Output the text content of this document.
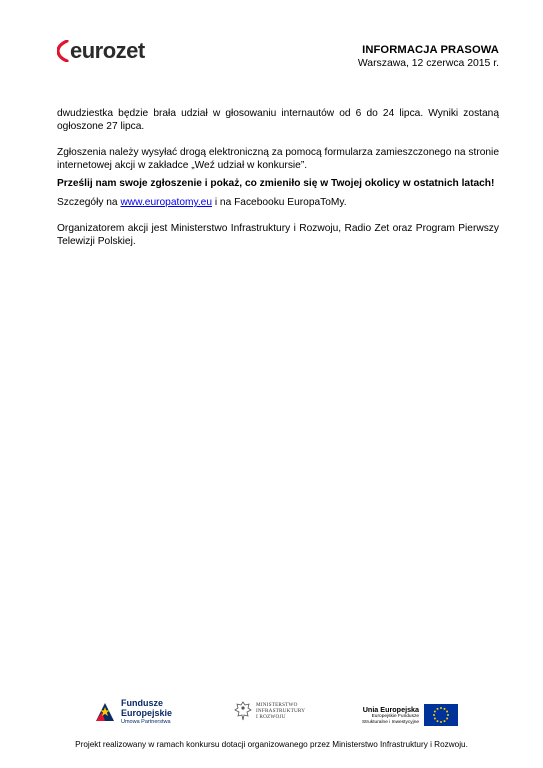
eurozet	INFORMACJA PRASOWA
Warszawa, 12 czerwca 2015 r.

dwudziestka będzie brała udział w głosowaniu internautów od 6 do 24 lipca. Wyniki zostaną ogłoszone 27 lipca.

Zgłoszenia należy wysyłać drogą elektroniczną za pomocą formularza zamieszczonego na stronie internetowej akcji w zakładce „Weź udział w konkursie”.

Prześlij nam swoje zgłoszenie i pokaż, co zmieniło się w Twojej okolicy w ostatnich latach!

Szczegóły na www.europatomy.eu i na Facebooku EuropaToMy.

Organizatorem akcji jest Ministerstwo Infrastruktury i Rozwoju, Radio Zet oraz Program Pierwszy Telewizji Polskiej.

Fundusze
Europejskie
Umowa Partnerstwa
MINISTERSTWO
INFRASTRUKTURY
I ROZWOJU
Unia Europejska
Europejskie Fundusze
Strukturalne i Inwestycyjne
Projekt realizowany w ramach konkursu dotacji organizowanego przez Ministerstwo Infrastruktury i Rozwoju.
